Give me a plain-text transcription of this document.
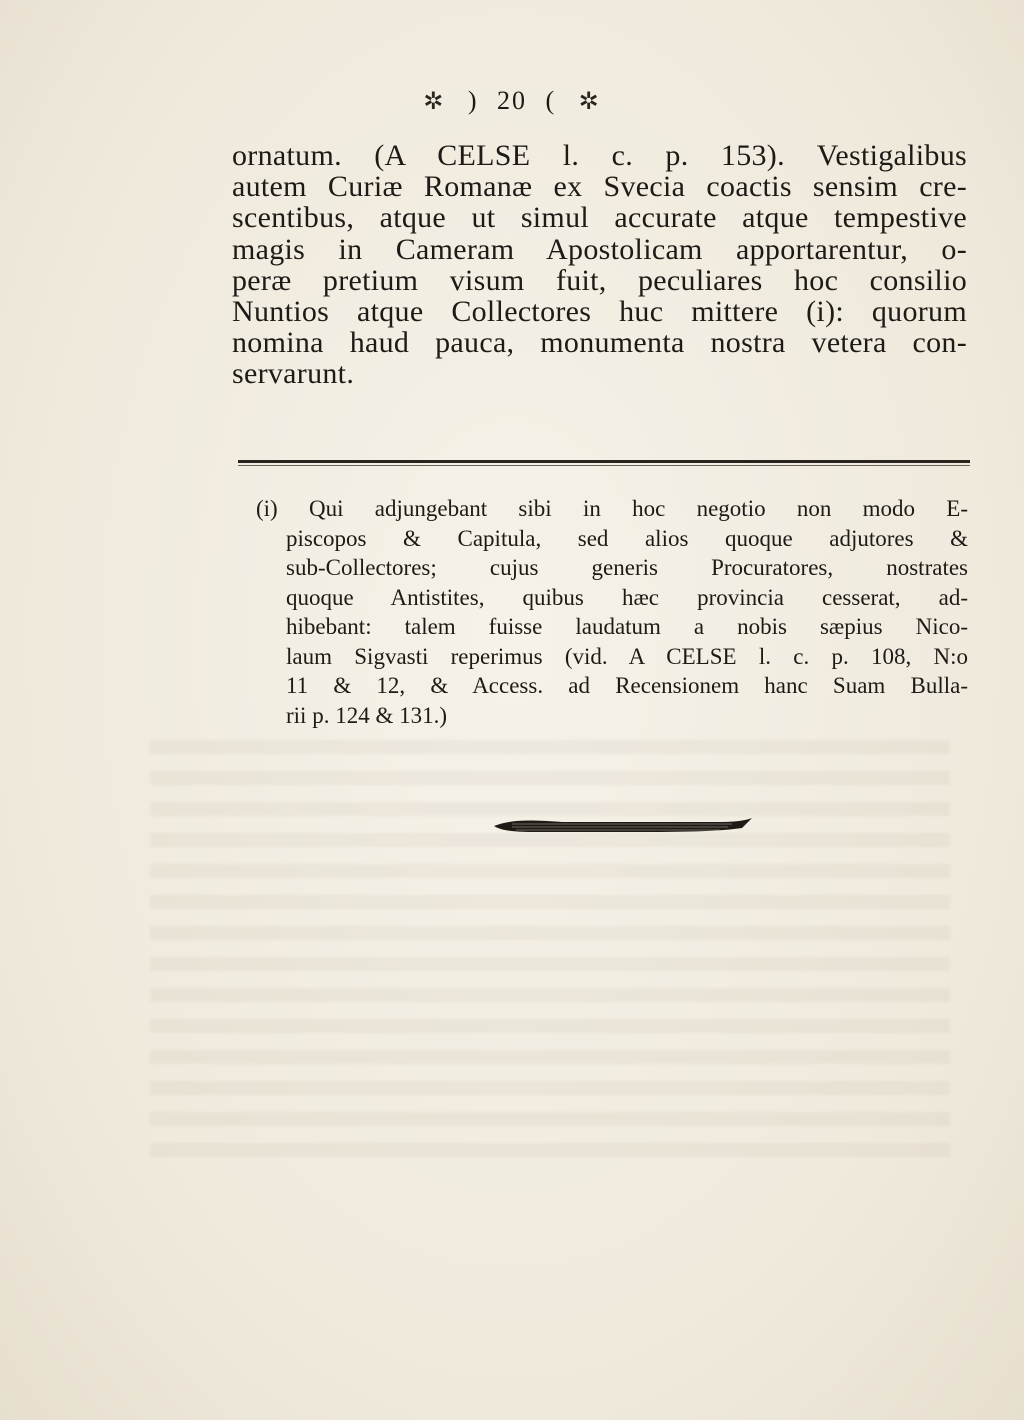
✲ ) 20 ( ✲
ornatum. (A CELSE l. c. p. 153). Vestigalibus
autem Curiæ Romanæ ex Svecia coactis sensim cre-
scentibus, atque ut simul accurate atque tempestive
magis in Cameram Apostolicam apportarentur, o-
peræ pretium visum fuit, peculiares hoc consilio
Nuntios atque Collectores huc mittere (i): quorum
nomina haud pauca, monumenta nostra vetera con-
servarunt.
(i) Qui adjungebant sibi in hoc negotio non modo E-
piscopos & Capitula, sed alios quoque adjutores &
sub-Collectores; cujus generis Procuratores, nostrates
quoque Antistites, quibus hæc provincia cesserat, ad-
hibebant: talem fuisse laudatum a nobis sæpius Nico-
laum Sigvasti reperimus (vid. A CELSE l. c. p. 108, N:o
11 & 12, & Access. ad Recensionem hanc Suam Bulla-
rii p. 124 & 131.)
